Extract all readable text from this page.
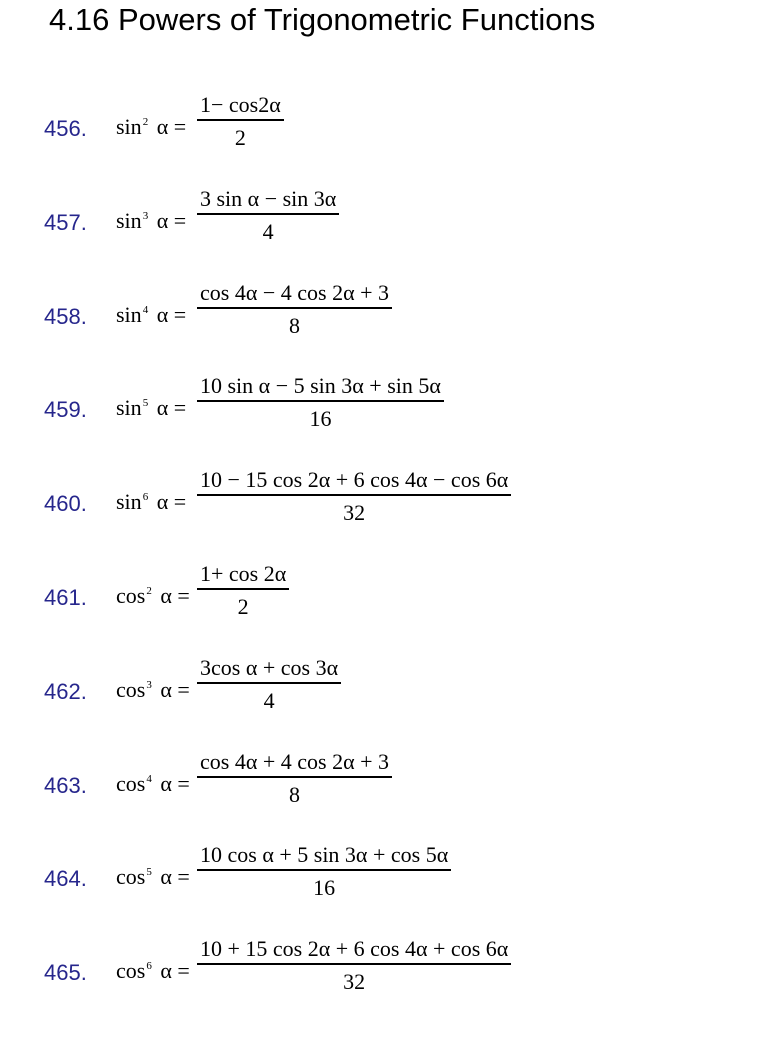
4.16 Powers of Trigonometric Functions
456. $\sin^2 \alpha$ =
1− cos2α
2
457. $\sin^3 \alpha$ =
3 sin α − sin 3α
4
458. $\sin^4 \alpha$ =
cos 4α − 4 cos 2α + 3
8
459. $\sin^5 \alpha$ =
10 sin α − 5 sin 3α + sin 5α
16
460. $\sin^6 \alpha$ =
10 − 15 cos 2α + 6 cos 4α − cos 6α
32
461. $\cos^2 \alpha$ =
1+ cos 2α
2
462. $\cos^3 \alpha$ =
3cos α + cos 3α
4
463. $\cos^4 \alpha$ =
cos 4α + 4 cos 2α + 3
8
464. $\cos^5 \alpha$ =
10 cos α + 5 sin 3α + cos 5α
16
465. $\cos^6 \alpha$ =
10 + 15 cos 2α + 6 cos 4α + cos 6α
32
